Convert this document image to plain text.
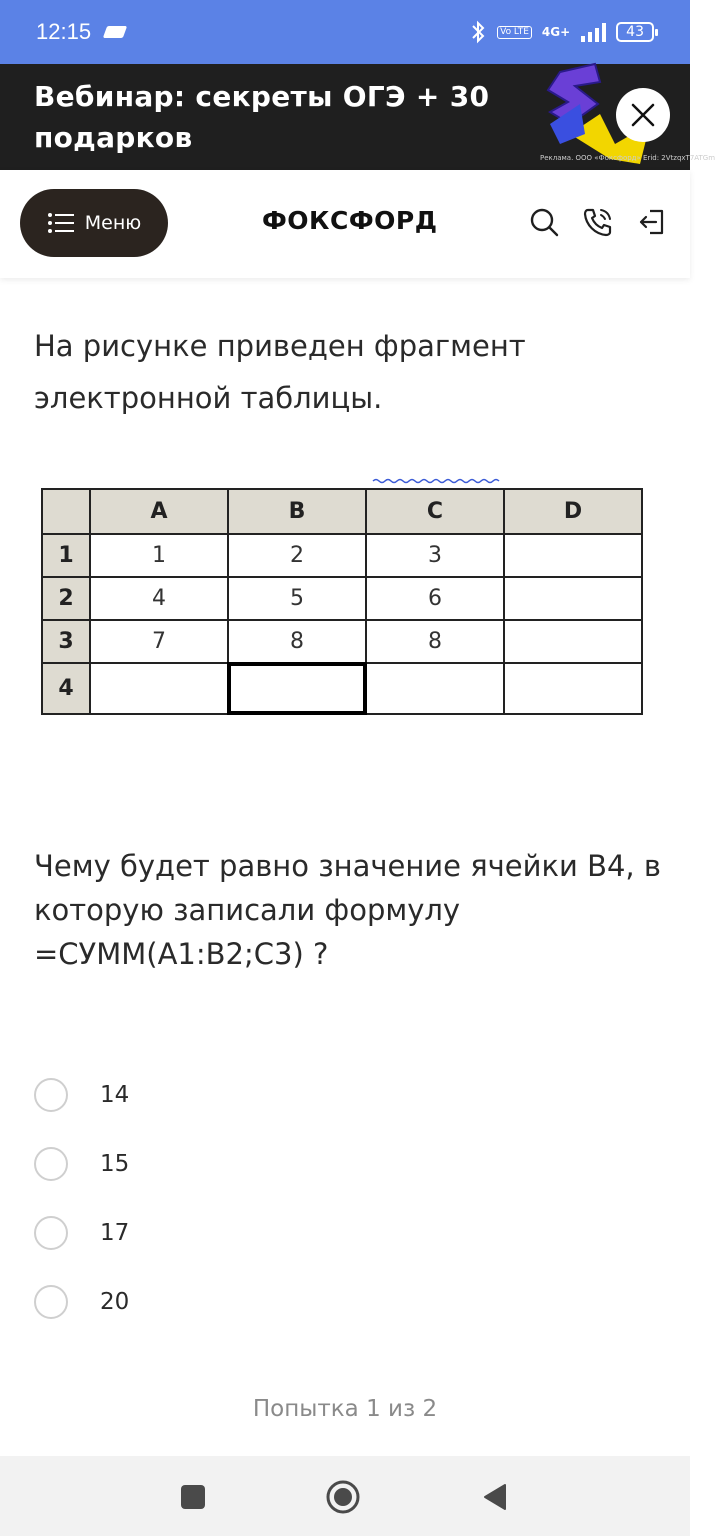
12:15	Vo LTE 4G+	43
Вебинар: секреты ОГЭ + 30 подарков
Реклама. ООО «Фоксфорд» Erid: 2VtzqxT7ATGm
Меню	ФОКСФОРД
На рисунке приведен фрагмент электронной таблицы.
	A	B	C	D
1	1	2	3	
2	4	5	6	
3	7	8	8	
4				
Чему будет равно значение ячейки B4, в которую записали формулу =СУММ(A1:B2;C3) ?
14
15
17
20
Попытка 1 из 2
